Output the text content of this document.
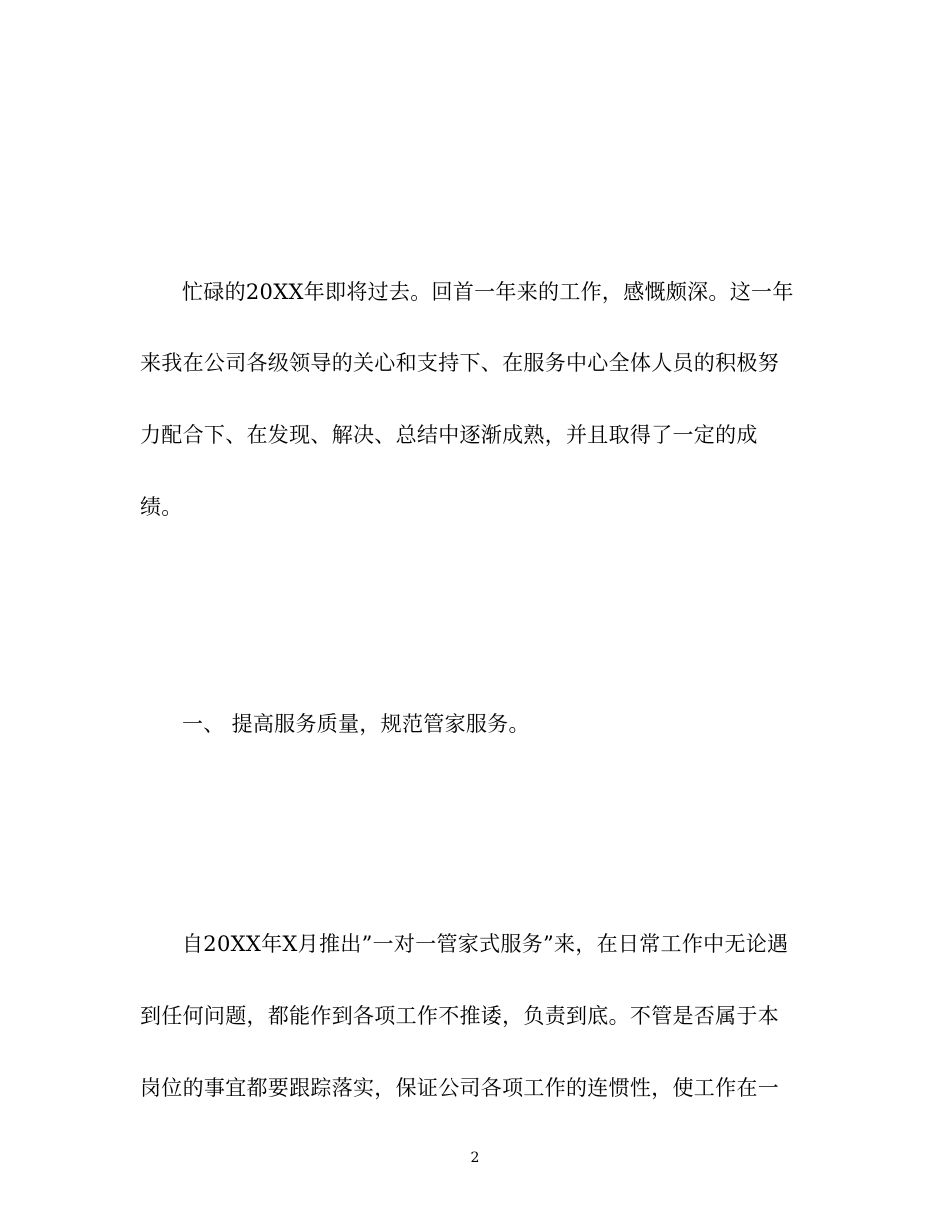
忙碌的20XX年即将过去。回首一年来的工作，感慨颇深。这一年
来我在公司各级领导的关心和支持下、在服务中心全体人员的积极努
力配合下、在发现、解决、总结中逐渐成熟，并且取得了一定的成
绩。
一、 提高服务质量，规范管家服务。
自20XX年X月推出”一对一管家式服务”来，在日常工作中无论遇
到任何问题，都能作到各项工作不推诿，负责到底。不管是否属于本
岗位的事宜都要跟踪落实，保证公司各项工作的连惯性，使工作在一
2
